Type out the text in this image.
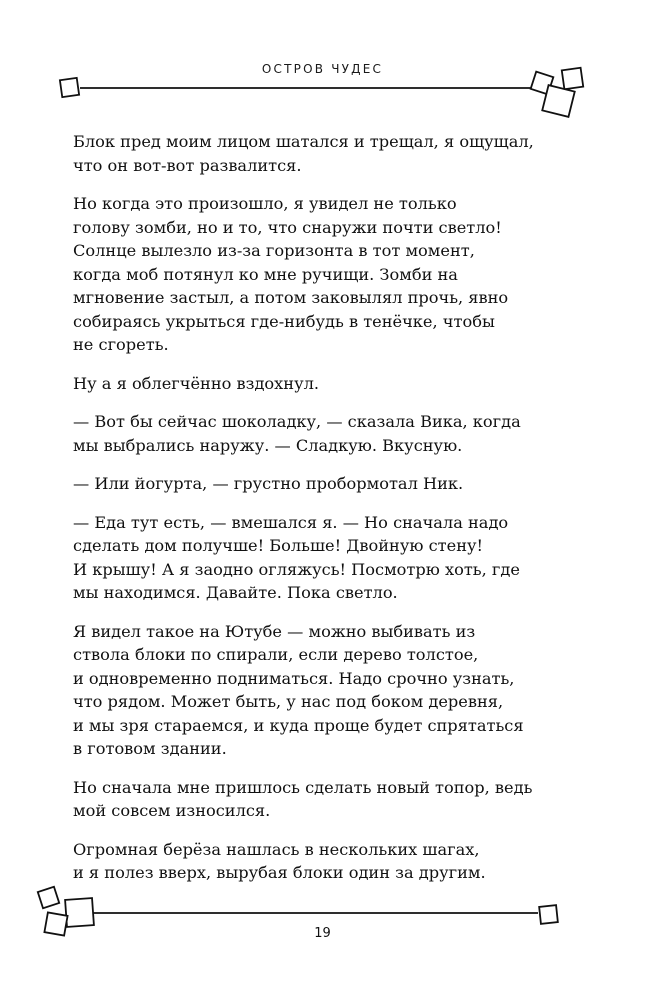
ОСТРОВ ЧУДЕС

Блок пред моим лицом шатался и трещал, я ощущал,
что он вот-вот развалится.

Но когда это произошло, я увидел не только
голову зомби, но и то, что снаружи почти светло!
Солнце вылезло из-за горизонта в тот момент,
когда моб потянул ко мне ручищи. Зомби на
мгновение застыл, а потом заковылял прочь, явно
собираясь укрыться где-нибудь в тенёчке, чтобы
не сгореть.

Ну а я облегчённо вздохнул.

— Вот бы сейчас шоколадку, — сказала Вика, когда
мы выбрались наружу. — Сладкую. Вкусную.

— Или йогурта, — грустно пробормотал Ник.

— Еда тут есть, — вмешался я. — Но сначала надо
сделать дом получше! Больше! Двойную стену!
И крышу! А я заодно огляжусь! Посмотрю хоть, где
мы находимся. Давайте. Пока светло.

Я видел такое на Ютубе — можно выбивать из
ствола блоки по спирали, если дерево толстое,
и одновременно подниматься. Надо срочно узнать,
что рядом. Может быть, у нас под боком деревня,
и мы зря стараемся, и куда проще будет спрятаться
в готовом здании.

Но сначала мне пришлось сделать новый топор, ведь
мой совсем износился.

Огромная берёза нашлась в нескольких шагах,
и я полез вверх, вырубая блоки один за другим.

19
